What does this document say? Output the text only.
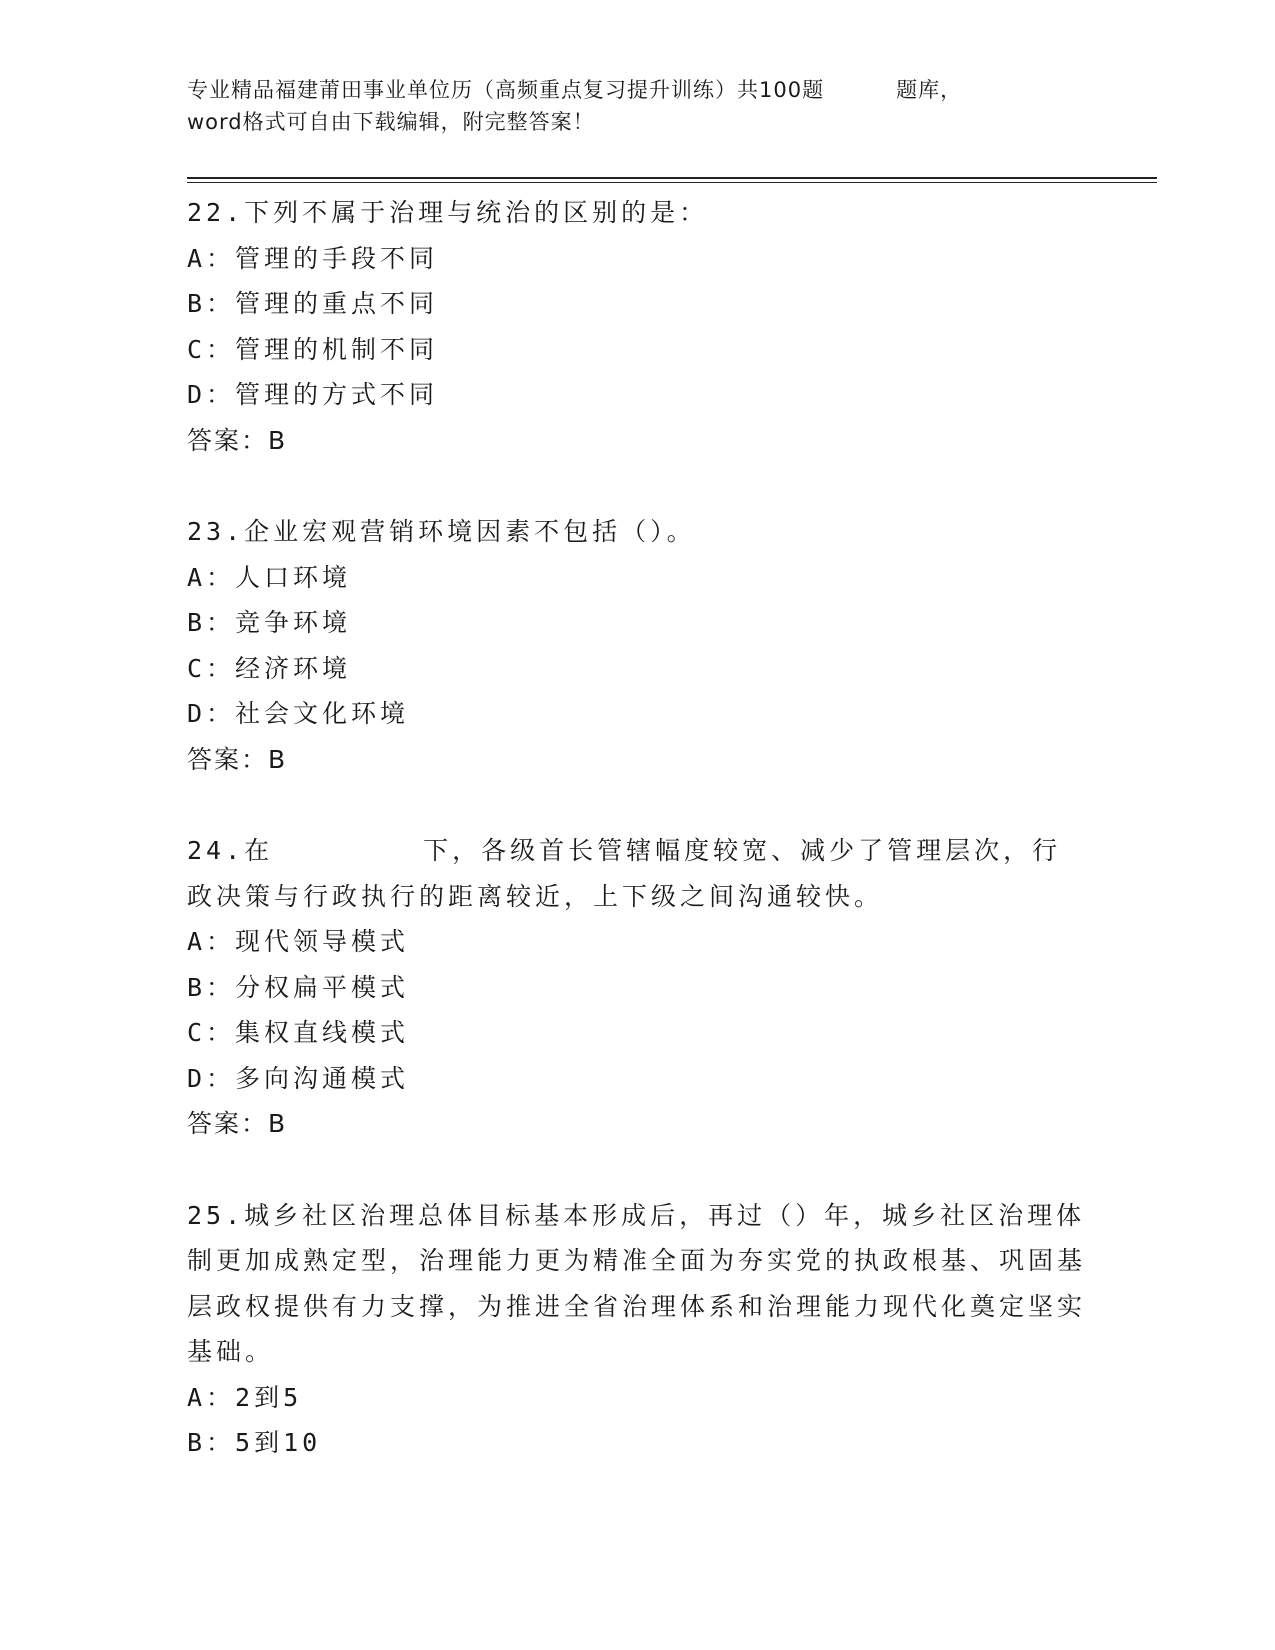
专业精品福建莆田事业单位历（高频重点复习提升训练）共100题	题库，
word格式可自由下载编辑，附完整答案！
22.下列不属于治理与统治的区别的是：
A：管理的手段不同
B：管理的重点不同
C：管理的机制不同
D：管理的方式不同
答案：B
23.企业宏观营销环境因素不包括（）。
A：人口环境
B：竞争环境
C：经济环境
D：社会文化环境
答案：B
24.在	下，各级首长管辖幅度较宽、减少了管理层次，行政决策与行政执行的距离较近，上下级之间沟通较快。
A：现代领导模式
B：分权扁平模式
C：集权直线模式
D：多向沟通模式
答案：B
25.城乡社区治理总体目标基本形成后，再过（）年，城乡社区治理体制更加成熟定型，治理能力更为精准全面为夯实党的执政根基、巩固基层政权提供有力支撑，为推进全省治理体系和治理能力现代化奠定坚实基础。
A：2到5
B：5到10
